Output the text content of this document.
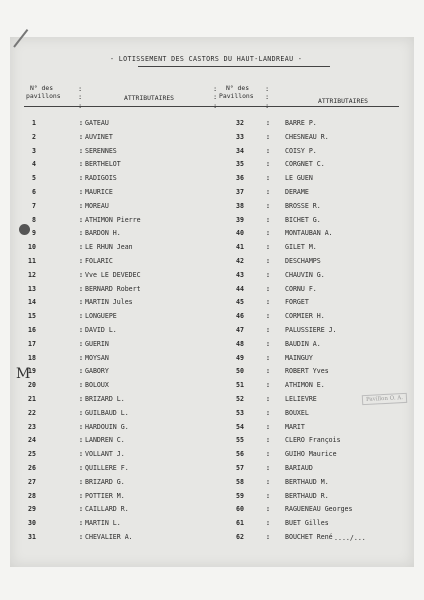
- LOTISSEMENT DES CASTORS DU HAUT-LANDREAU -
N° des
pavillons	ATTRIBUTAIRES
N° des
Pavillons
ATTRIBUTAIRES
:
:
:
:
:
:
:	:	:
1	: GATEAU	32	: BARRE P.
2	: AUVINET	33	: CHESNEAU R.
3	: SERENNES	34	: COISY P.
4	: BERTHELOT	35	: CORGNET C.
5	: RADIGOIS	36	: LE GUEN
6	: MAURICE	37	: DERAME
7	: MOREAU	38	: BROSSE R.
8	: ATHIMON Pierre	39	: BICHET G.
9	: BARDON H.	40	: MONTAUBAN A.
10	: LE RHUN Jean	41	: GILET M.
11	: FOLARIC	42	: DESCHAMPS
12	: Vve LE DEVEDEC	43	: CHAUVIN G.
13	: BERNARD Robert	44	: CORNU F.
14	: MARTIN Jules	45	: FORGET
15	: LONGUEPE	46	: CORMIER H.
16	: DAVID L.	47	: PALUSSIERE J.
17	: GUERIN	48	: BAUDIN A.
18	: MOYSAN	49	: MAINGUY
19	: GABORY	50	: ROBERT Yves
20	: BOLOUX	51	: ATHIMON E.
21	: BRIZARD L.	52	: LELIEVRE
22	: GUILBAUD L.	53	: BOUXEL
23	: HARDOUIN G.	54	: MARIT
24	: LANDREN C.	55	: CLERO François
25	: VOLLANT J.	56	: GUIHO Maurice
26	: QUILLERE F.	57	: BARIAUD
27	: BRIZARD G.	58	: BERTHAUD M.
28	: POTTIER M.	59	: BERTHAUD R.
29	: CAILLARD R.	60	: RAGUENEAU Georges
30	: MARTIN L.	61	: BUET Gilles
31	: CHEVALIER A.	62	: BOUCHET René
M
Pavillon O. A.
..../...
